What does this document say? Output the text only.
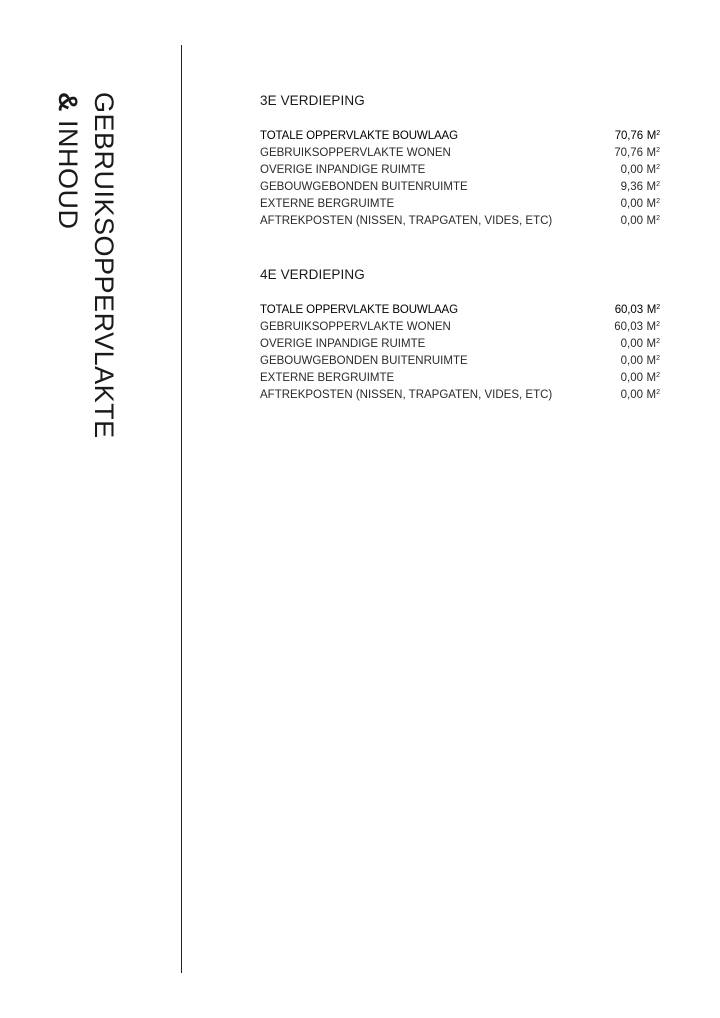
GEBRUIKSOPPERVLAKTE
& INHOUD
3E VERDIEPING
TOTALE OPPERVLAKTE BOUWLAAG	70,76 $M^2$
GEBRUIKSOPPERVLAKTE WONEN	70,76 $M^2$
OVERIGE INPANDIGE RUIMTE	0,00 $M^2$
GEBOUWGEBONDEN BUITENRUIMTE	9,36 $M^2$
EXTERNE BERGRUIMTE	0,00 $M^2$
AFTREKPOSTEN (NISSEN, TRAPGATEN, VIDES, ETC)	0,00 $M^2$
4E VERDIEPING
TOTALE OPPERVLAKTE BOUWLAAG	60,03 $M^2$
GEBRUIKSOPPERVLAKTE WONEN	60,03 $M^2$
OVERIGE INPANDIGE RUIMTE	0,00 $M^2$
GEBOUWGEBONDEN BUITENRUIMTE	0,00 $M^2$
EXTERNE BERGRUIMTE	0,00 $M^2$
AFTREKPOSTEN (NISSEN, TRAPGATEN, VIDES, ETC)	0,00 $M^2$
